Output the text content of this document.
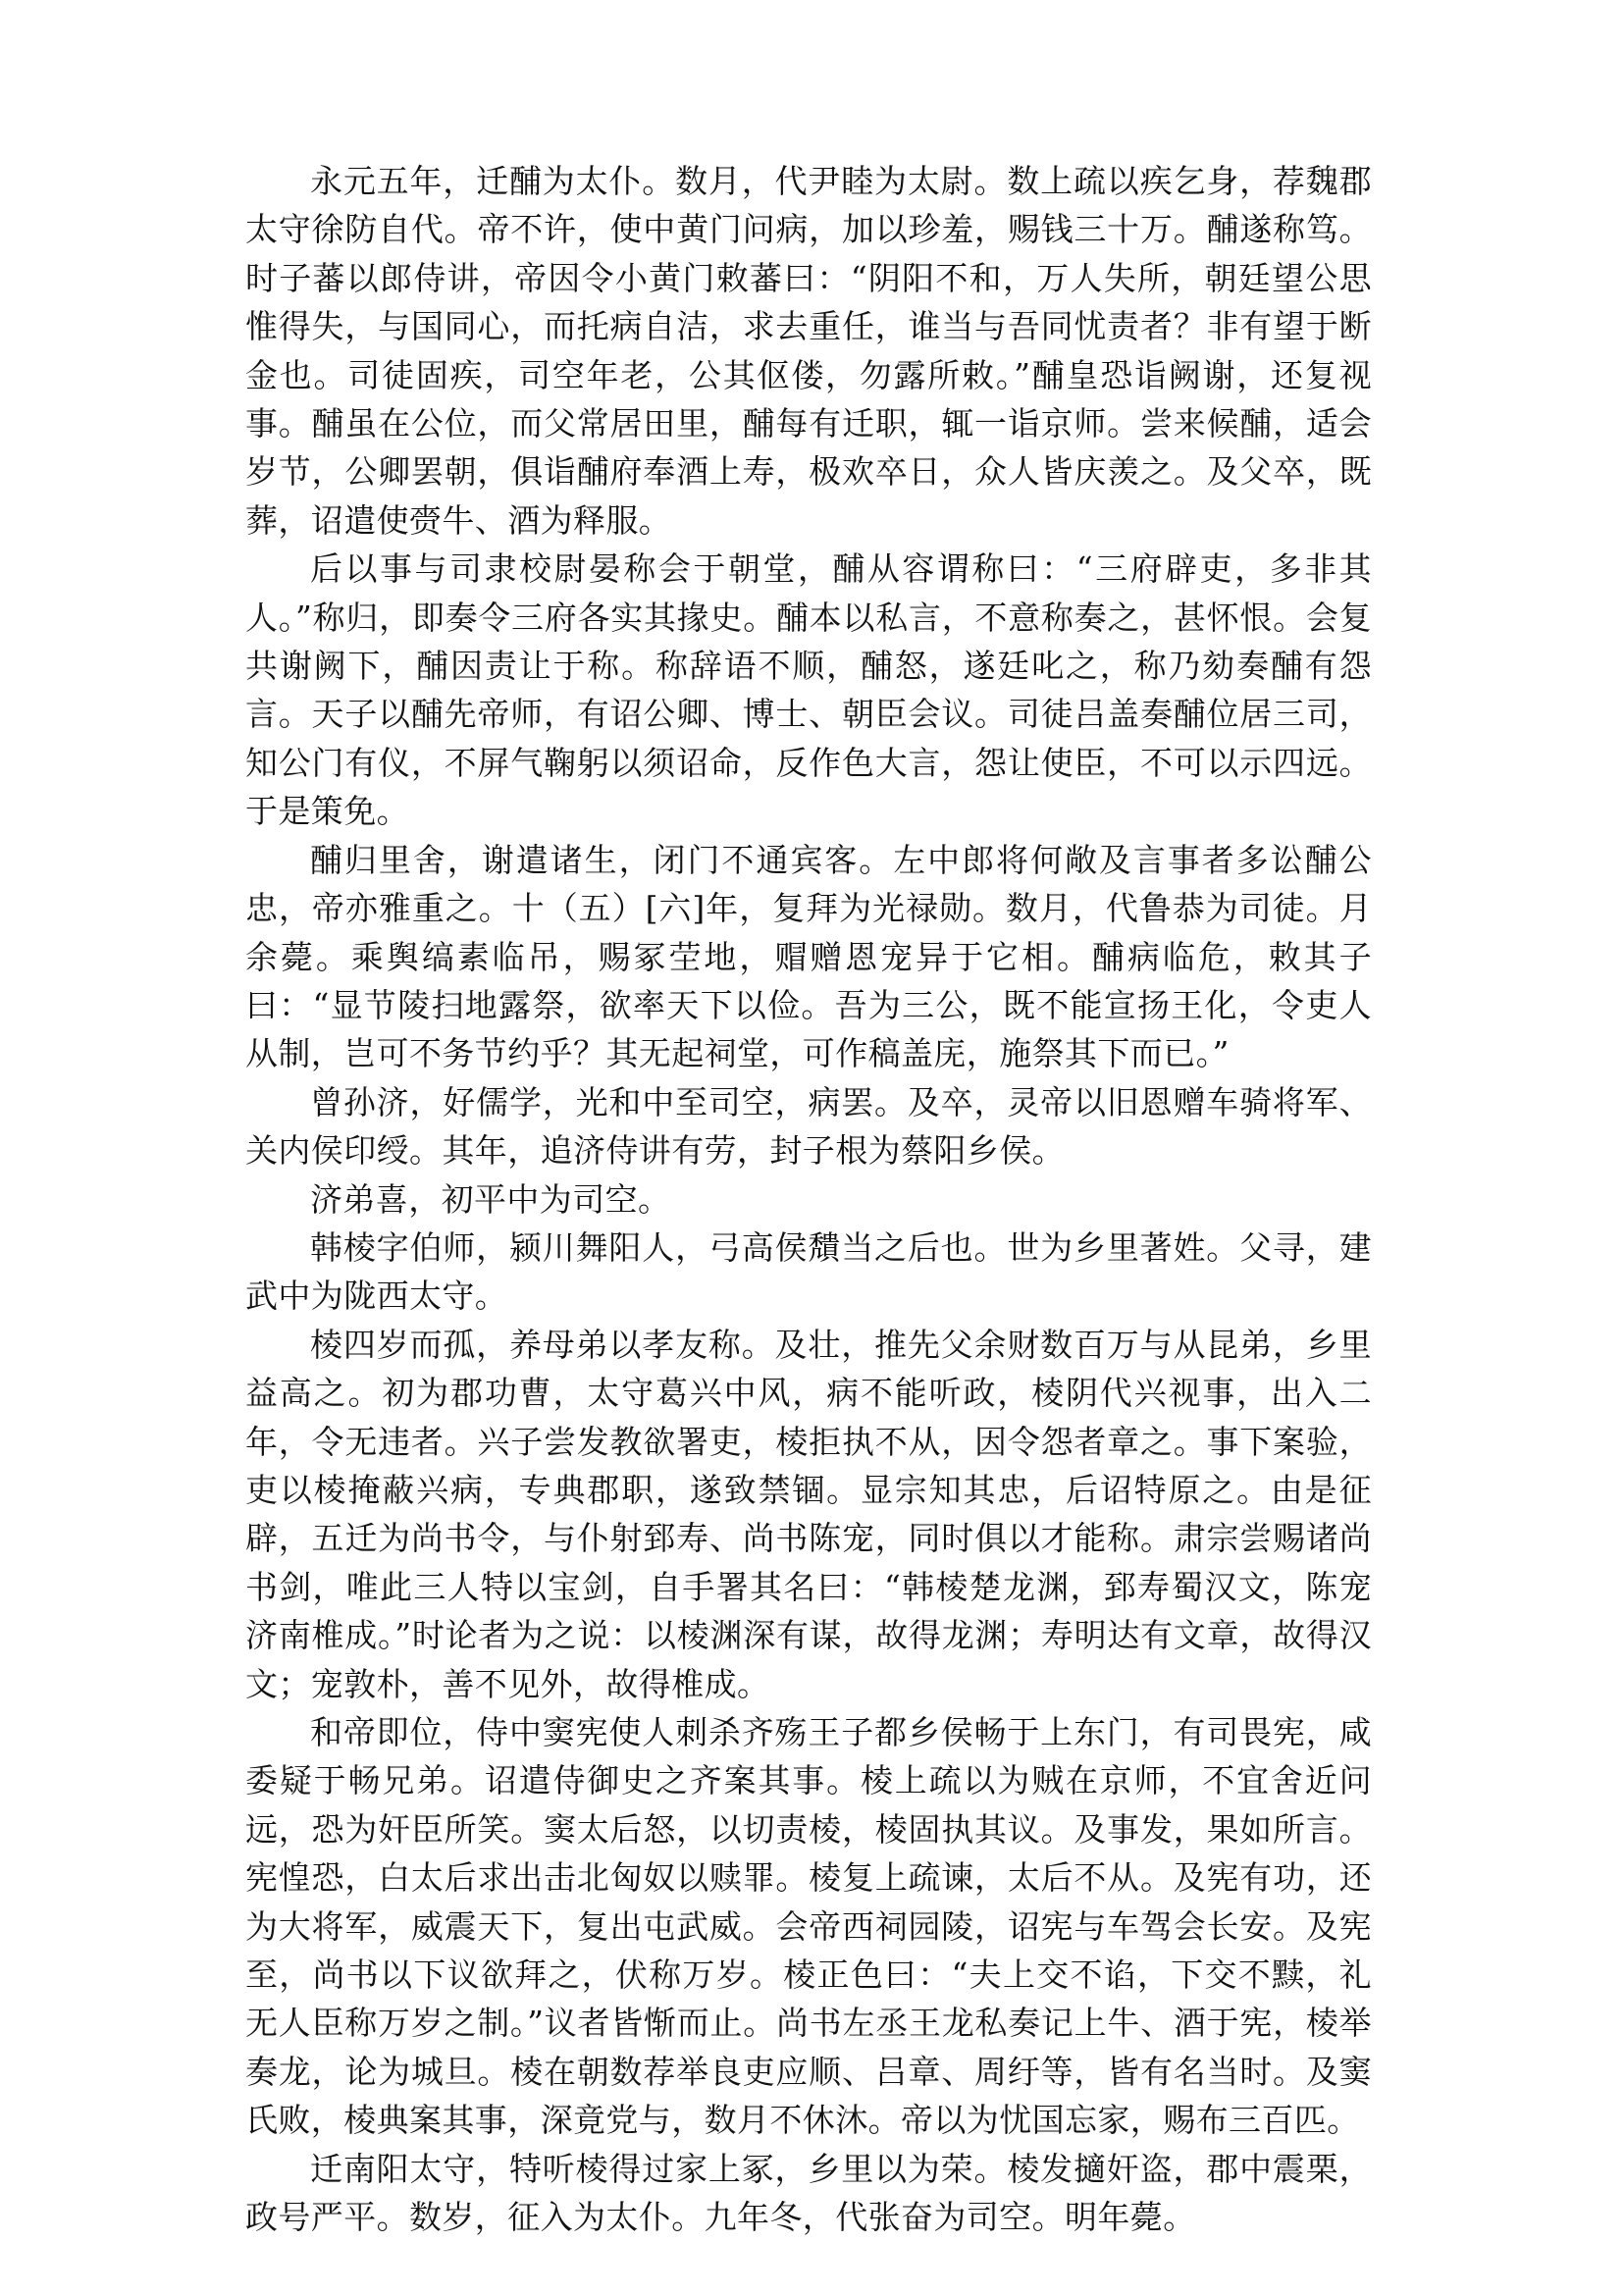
永元五年，迁酺为太仆。数月，代尹睦为太尉。数上疏以疾乞身，荐魏郡太守徐防自代。帝不许，使中黄门问病，加以珍羞，赐钱三十万。酺遂称笃。时子蕃以郎侍讲，帝因令小黄门敕蕃曰：“阴阳不和，万人失所，朝廷望公思惟得失，与国同心，而托病自洁，求去重任，谁当与吾同忧责者？非有望于断金也。司徒固疾，司空年老，公其伛偻，勿露所敕。”酺皇恐诣阙谢，还复视事。酺虽在公位，而父常居田里，酺每有迁职，辄一诣京师。尝来候酺，适会岁节，公卿罢朝，俱诣酺府奉酒上寿，极欢卒日，众人皆庆羡之。及父卒，既葬，诏遣使赍牛、酒为释服。

后以事与司隶校尉晏称会于朝堂，酺从容谓称曰：“三府辟吏，多非其人。”称归，即奏令三府各实其掾史。酺本以私言，不意称奏之，甚怀恨。会复共谢阙下，酺因责让于称。称辞语不顺，酺怒，遂廷叱之，称乃劾奏酺有怨言。天子以酺先帝师，有诏公卿、博士、朝臣会议。司徒吕盖奏酺位居三司，知公门有仪，不屏气鞠躬以须诏命，反作色大言，怨让使臣，不可以示四远。于是策免。

酺归里舍，谢遣诸生，闭门不通宾客。左中郎将何敞及言事者多讼酺公忠，帝亦雅重之。十（五）[六]年，复拜为光禄勋。数月，代鲁恭为司徒。月余薨。乘舆缟素临吊，赐冢茔地，赗赠恩宠异于它相。酺病临危，敕其子曰：“显节陵扫地露祭，欲率天下以俭。吾为三公，既不能宣扬王化，令吏人从制，岂可不务节约乎？其无起祠堂，可作稿盖庑，施祭其下而已。”

曾孙济，好儒学，光和中至司空，病罢。及卒，灵帝以旧恩赠车骑将军、关内侯印绶。其年，追济侍讲有劳，封子根为蔡阳乡侯。

济弟喜，初平中为司空。

韩棱字伯师，颍川舞阳人，弓高侯穨当之后也。世为乡里著姓。父寻，建武中为陇西太守。

棱四岁而孤，养母弟以孝友称。及壮，推先父余财数百万与从昆弟，乡里益高之。初为郡功曹，太守葛兴中风，病不能听政，棱阴代兴视事，出入二年，令无违者。兴子尝发教欲署吏，棱拒执不从，因令怨者章之。事下案验，吏以棱掩蔽兴病，专典郡职，遂致禁锢。显宗知其忠，后诏特原之。由是征辟，五迁为尚书令，与仆射郅寿、尚书陈宠，同时俱以才能称。肃宗尝赐诸尚书剑，唯此三人特以宝剑，自手署其名曰：“韩棱楚龙渊，郅寿蜀汉文，陈宠济南椎成。”时论者为之说：以棱渊深有谋，故得龙渊；寿明达有文章，故得汉文；宠敦朴，善不见外，故得椎成。

和帝即位，侍中窦宪使人刺杀齐殇王子都乡侯畅于上东门，有司畏宪，咸委疑于畅兄弟。诏遣侍御史之齐案其事。棱上疏以为贼在京师，不宜舍近问远，恐为奸臣所笑。窦太后怒，以切责棱，棱固执其议。及事发，果如所言。宪惶恐，白太后求出击北匈奴以赎罪。棱复上疏谏，太后不从。及宪有功，还为大将军，威震天下，复出屯武威。会帝西祠园陵，诏宪与车驾会长安。及宪至，尚书以下议欲拜之，伏称万岁。棱正色曰：“夫上交不谄，下交不黩，礼无人臣称万岁之制。”议者皆惭而止。尚书左丞王龙私奏记上牛、酒于宪，棱举奏龙，论为城旦。棱在朝数荐举良吏应顺、吕章、周纡等，皆有名当时。及窦氏败，棱典案其事，深竟党与，数月不休沐。帝以为忧国忘家，赐布三百匹。

迁南阳太守，特听棱得过家上冢，乡里以为荣。棱发擿奸盗，郡中震栗，政号严平。数岁，征入为太仆。九年冬，代张奋为司空。明年薨。
